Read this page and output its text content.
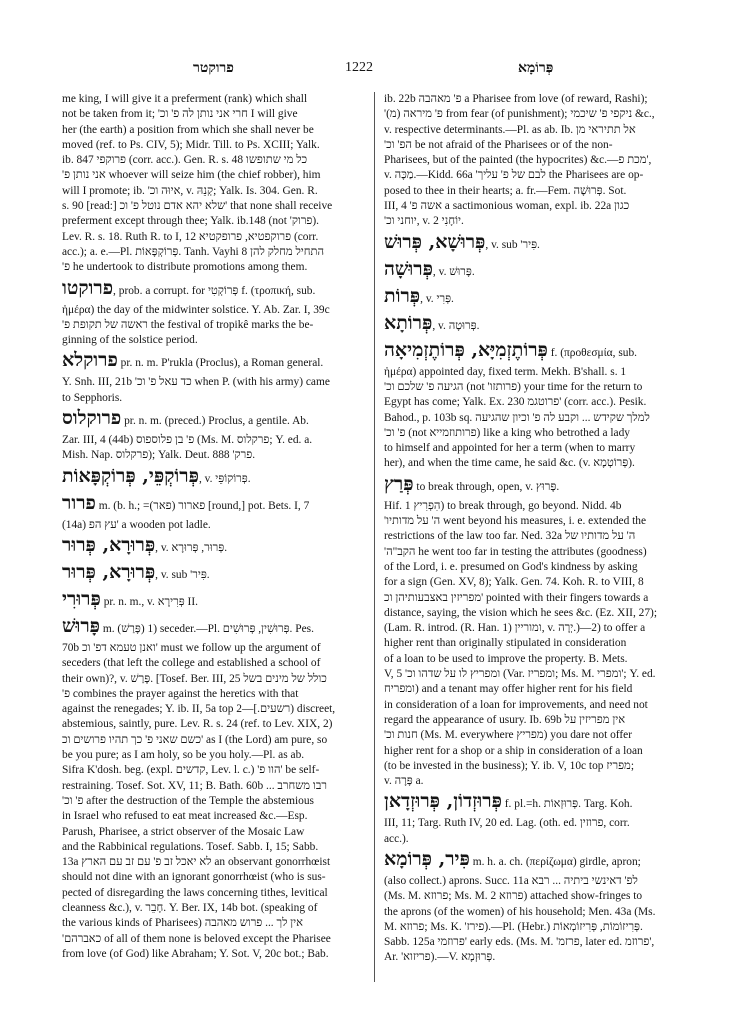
פרוקטר	1222	פְּרוֹמָא
me king, I will give it a preferment (rank) which shall
not be taken from it; 'חרי אני נותן לה פ' וכ I will give
her (the earth) a position from which she shall never be
moved (ref. to Ps. CIV, 5); Midr. Till. to Ps. XCIII; Yalk.
ib. 847 פרוקפי (corr. acc.). Gen. R. s. 48 כל מי שתופשו
'אני נותן פ whoever will seize him (the chief robber), him
will I promote; ib. 'איוּה וכ, v. קְנֵהּ; Yalk. Is. 304. Gen. R.
s. 90 [read:] שלא יהא אדם נוטל פ' וכ' that none shall receive
preferment except through thee; Yalk. ib.148 (not 'פרוק).
Lev. R. s. 18. Ruth R. to I, 12 פרוקפטיא, פרופקטיא (corr.
acc.); a. e.—Pl. פְּרוֹקְפָּאוֹת. Tanh. Vayhi 8 התחיל מחלק להן
'פ he undertook to distribute promotions among them.
פרוקטו, prob. a corrupt. for פְּרוֹקְטִי f. (τροπική, sub.
ἡμέρα) the day of the midwinter solstice. Y. Ab. Zar. I, 39c
'ראשה של תקופת פ the festival of tropikê marks the be-
ginning of the solstice period.
פרוקלא pr. n. m. P'rukla (Proclus), a Roman general.
Y. Snh. III, 21b 'כד עאל פ' וכ when P. (with his army) came
to Sepphoris.
פרוקלוס pr. n. m. (preced.) Proclus, a gentile. Ab.
Zar. III, 4 (44b) פ' בן פלוספוס (Ms. M. פרקלוס; Y. ed. a.
Mish. Nap. פרקלוס); Yalk. Deut. 888 'פרק.
פְּרוֹקְפֵּי, פְּרוֹקְפָּאוֹת, v. פְּרוֹקוֹפֵּי.
פרור m. (b. h.; =פארור (פאר) [round,] pot. Bets. I, 7
(14a) עץ הפ' a wooden pot ladle.
פְּרוּרָא, פְּרוּר, v. פְּרוּר, פְּרוּרָא.
פְּרוּרָא, פְּרוּר, v. sub 'פִּיר.
פְּרוּרִי pr. n. m., v. פְּרִירָא II.
פָּרוּשׁ m. (פָּרַשׁ) 1) seceder.—Pl. פְּרוּשִׁין, פְּרוּשִׁים. Pes.
70b ואנן טעמא דפ' וכ' must we follow up the argument of
seceders (that left the college and established a school of
their own)?, v. פָּרַשׁ. [Tosef. Ber. III, 25 כולל של מינים בשל
'פ combines the prayer against the heretics with that
against the renegades; Y. ib. II, 5a top רשעים.]—2) discreet,
abstemious, saintly, pure. Lev. R. s. 24 (ref. to Lev. XIX, 2)
כשם שאני פ' כך תהיו פרושים וכ' as I (the Lord) am pure, so
be you pure; as I am holy, so be you holy.—Pl. as ab.
Sifra K'dosh. beg. (expl. קדשים, Lev. l. c.) 'הוו פ' be self-
restraining. Tosef. Sot. XV, 11; B. Bath. 60b ... רבו משחרב
'פ' וכ after the destruction of the Temple the abstemious
in Israel who refused to eat meat increased &c.—Esp.
Parush, Pharisee, a strict observer of the Mosaic Law
and the Rabbinical regulations. Tosef. Sabb. I, 15; Sabb.
13a לא יאכל זב פ' עם זב עם הארץ an observant gonorrhœist
should not dine with an ignorant gonorrhœist (who is sus-
pected of disregarding the laws concerning tithes, levitical
cleanness &c.), v. חָבֵר. Y. Ber. IX, 14b bot. (speaking of
the various kinds of Pharisees) אין לך ... פרוש מאהבה
'כאברהם of all of them none is beloved except the Pharisee
from love (of God) like Abraham; Y. Sot. V, 20c bot.; Bab.
ib. 22b פ' מאהבה a Pharisee from love (of reward, Rashi);
'פ' מיראה (מ) from fear (of punishment); ניקפי פ' שיכמי &c.,
v. respective determinants.—Pl. as ab. Ib. אל תתיראי מן
'הפ' וכ be not afraid of the Pharisees or of the non-
Pharisees, but of the painted (the hypocrites) &c.—מכת פ',
v. מַכָּה.—Kidd. 66a 'לבם של פ' עליך the Pharisees are op-
posed to thee in their hearts; a. fr.—Fem. פְּרוּשָׁה. Sot.
III, 4 'אשה פ a sactimonious woman, expl. ib. 22a כגון
'יוחני וכ, v. יוֹחָנִי 2.
פְּרוּשָׁא, פְּרוּשׁ, v. sub 'פִּיר.
פְּרוּשָׁה, v. פָּרוּשׁ.
פְּרוֹת, v. פְּרִי.
פְּרוֹתָא, v. פְּרוּטָה.
פְּרוֹתֶזְמִיָּא, פְּרוֹתֶזְמִיאָה f. (προθεσμία, sub.
ἡμέρα) appointed day, fixed term. Mekh. B'shall. s. 1
'הגיעה פ' שלכם וכ (not 'פרותזו) your time for the return to
Egypt has come; Yalk. Ex. 230 פרוטגמ' (corr. acc.). Pesik.
Bahod., p. 103b sq. למלך שקידש ... וקבע לה פ' וכיון שהגיעה
'פ' וכ (not פרותוזמייא) like a king who betrothed a lady
to himself and appointed for her a term (when to marry
her), and when the time came, he said &c. (v. פְּרוֹטְמָא).
פְּרַץ to break through, open, v. פָּרוּץ.
Hif. הִפְרִיץ 1) to break through, go beyond. Nidd. 4b
'ה' על מדותיו went beyond his measures, i. e. extended the
restrictions of the law too far. Ned. 32a ה' על מדותיו של
'הקב"ה he went too far in testing the attributes (goodness)
of the Lord, i. e. presumed on God's kindness by asking
for a sign (Gen. XV, 8); Yalk. Gen. 74. Koh. R. to VIII, 8
מפריזין באצבעותיהן וכ' pointed with their fingers towards a
distance, saying, the vision which he sees &c. (Ez. XII, 27);
(Lam. R. introd. (R. Han. 1) ומוריין, v. יְרָה.)—2) to offer a
higher rent than originally stipulated in consideration
of a loan to be used to improve the property. B. Mets.
V, 5 'ומפריץ לו על שדהו וכ (Var. ומפריז; Ms. M. ומפרי'; Y. ed.
ומפריח) and a tenant may offer higher rent for his field
in consideration of a loan for improvements, and need not
regard the appearance of usury. Ib. 69b אין מפריזין על
'חנות וכ (Ms. M. everywhere מפריץ) you dare not offer
higher rent for a shop or a ship in consideration of a loan
(to be invested in the business); Y. ib. V, 10c top מפריז;
v. פָּרָה a.
פְּרוּזְדוֹן, פְּרוּזְדָאן f. pl.=h. פְּרוּזְאוֹת. Targ. Koh.
III, 11; Targ. Ruth IV, 20 ed. Lag. (oth. ed. פרוזין, corr.
acc.).
פִּיר, פְּרוֹמָא m. h. a. ch. (περίζωμα) girdle, apron;
(also collect.) aprons. Succ. 11a לפ' דאינשי ביתיה ... רבא
(Ms. M. פרוזא; Ms. M. 2 פרוזא) attached show-fringes to
the aprons (of the women) of his household; Men. 43a (Ms.
M. פרוזא; Ms. K. 'פירז).—Pl. (Hebr.) פְּרִיזוֹמוֹת, פְּרִיזוֹמְאוֹת.
Sabb. 125a פרוזמי' early eds. (Ms. M. 'פרזמ, later ed. פרוזמ',
Ar. 'פריזוא).—V. פְּרוּזְמָא.
